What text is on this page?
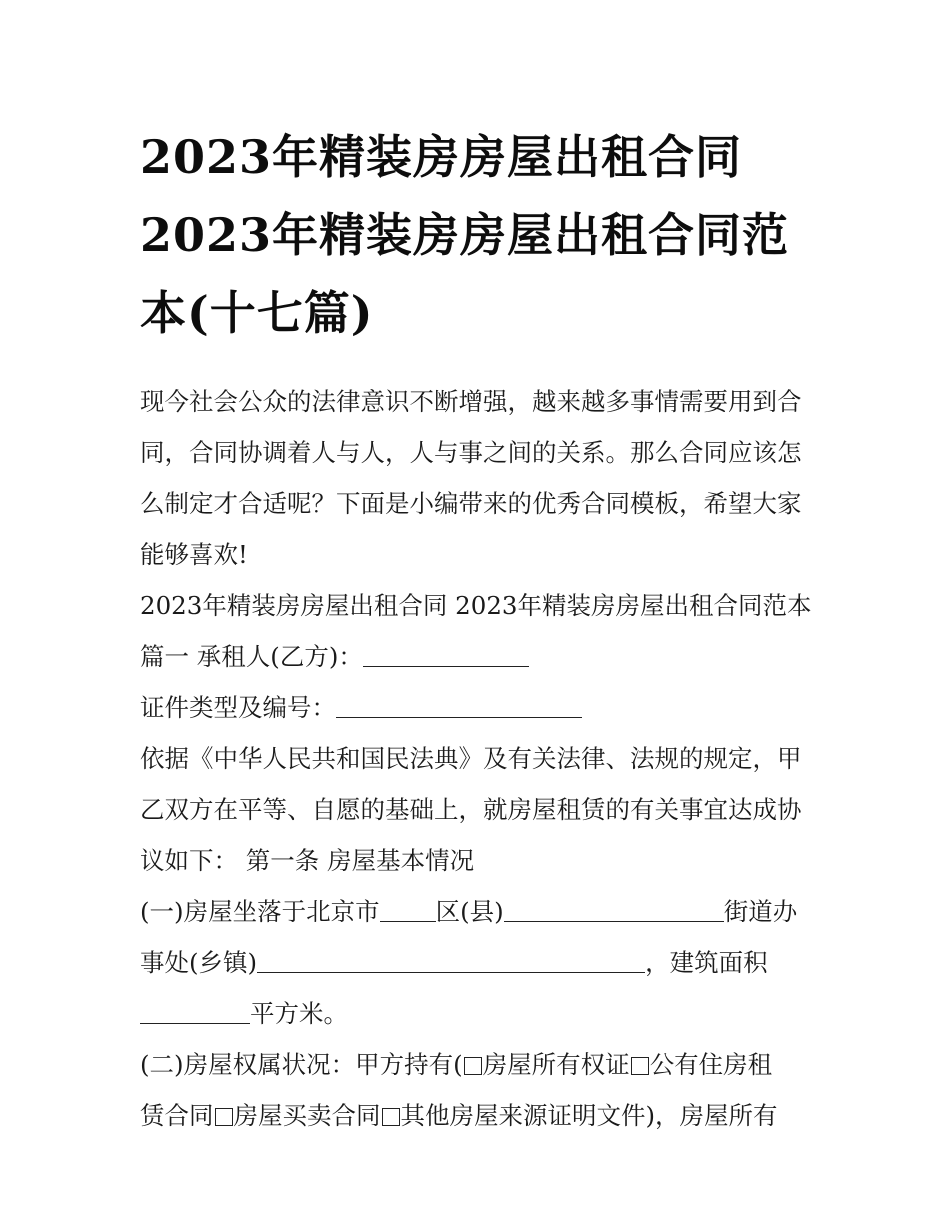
2023年精装房房屋出租合同
2023年精装房房屋出租合同范
本(十七篇)

现今社会公众的法律意识不断增强，越来越多事情需要用到合
同，合同协调着人与人，人与事之间的关系。那么合同应该怎
么制定才合适呢？下面是小编带来的优秀合同模板，希望大家
能够喜欢!

2023年精装房房屋出租合同 2023年精装房房屋出租合同范本

篇一 承租人(乙方)：

证件类型及编号：

依据《中华人民共和国民法典》及有关法律、法规的规定，甲
乙双方在平等、自愿的基础上，就房屋租赁的有关事宜达成协
议如下： 第一条 房屋基本情况

(一)房屋坐落于北京市 区(县)	街道办
事处(乡镇)	，建筑面积
平方米。

(二)房屋权属状况：甲方持有( 房屋所有权证 公有住房租
赁合同 房屋买卖合同 其他房屋来源证明文件)，房屋所有
